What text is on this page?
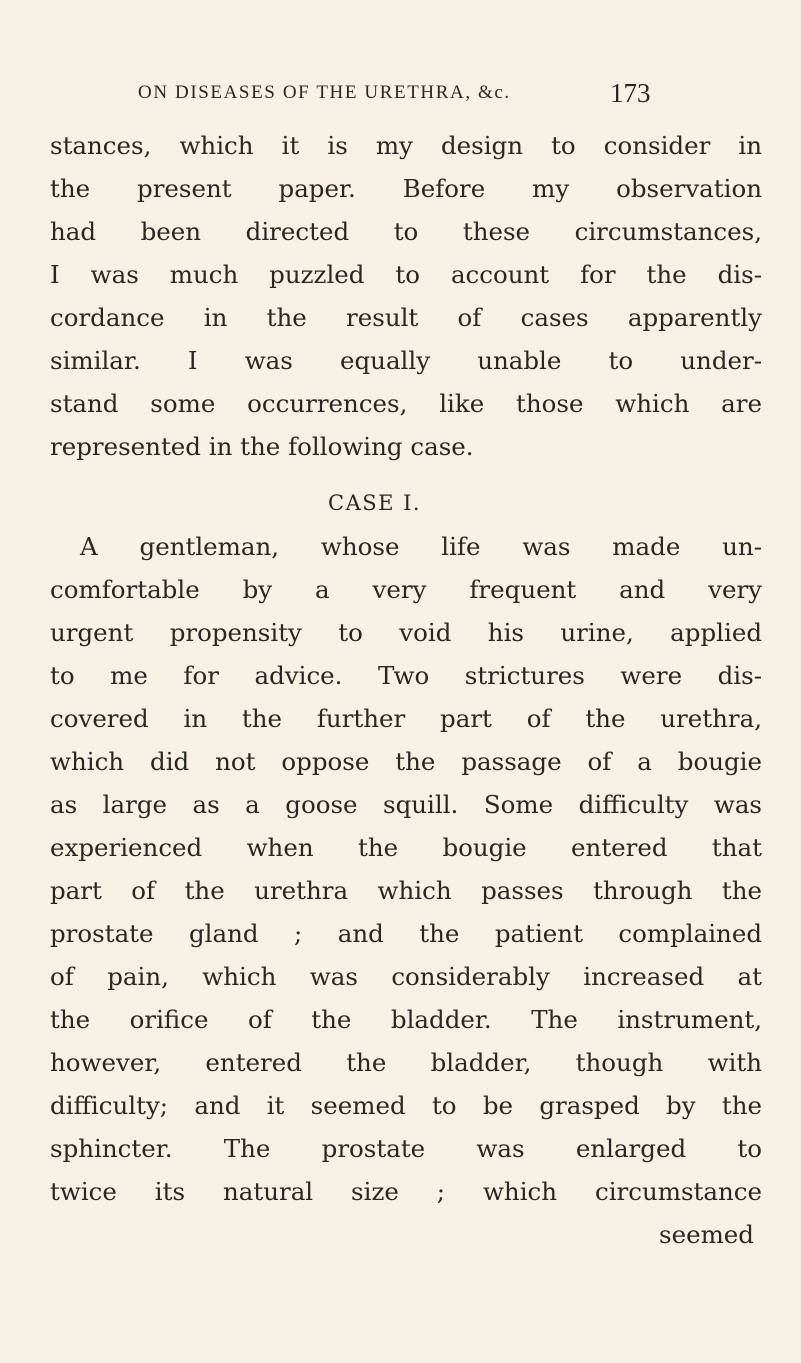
ON DISEASES OF THE URETHRA, &c.	173
stances, which it is my design to consider in
the present paper. Before my observation
had been directed to these circumstances,
I was much puzzled to account for the dis-
cordance in the result of cases apparently
similar. I was equally unable to under-
stand some occurrences, like those which are
represented in the following case.
CASE I.
A gentleman, whose life was made un-
comfortable by a very frequent and very
urgent propensity to void his urine, applied
to me for advice. Two strictures were dis-
covered in the further part of the urethra,
which did not oppose the passage of a bougie
as large as a goose squill. Some difficulty was
experienced when the bougie entered that
part of the urethra which passes through the
prostate gland ; and the patient complained
of pain, which was considerably increased at
the orifice of the bladder. The instrument,
however, entered the bladder, though with
difficulty; and it seemed to be grasped by the
sphincter. The prostate was enlarged to
twice its natural size ; which circumstance
seemed
